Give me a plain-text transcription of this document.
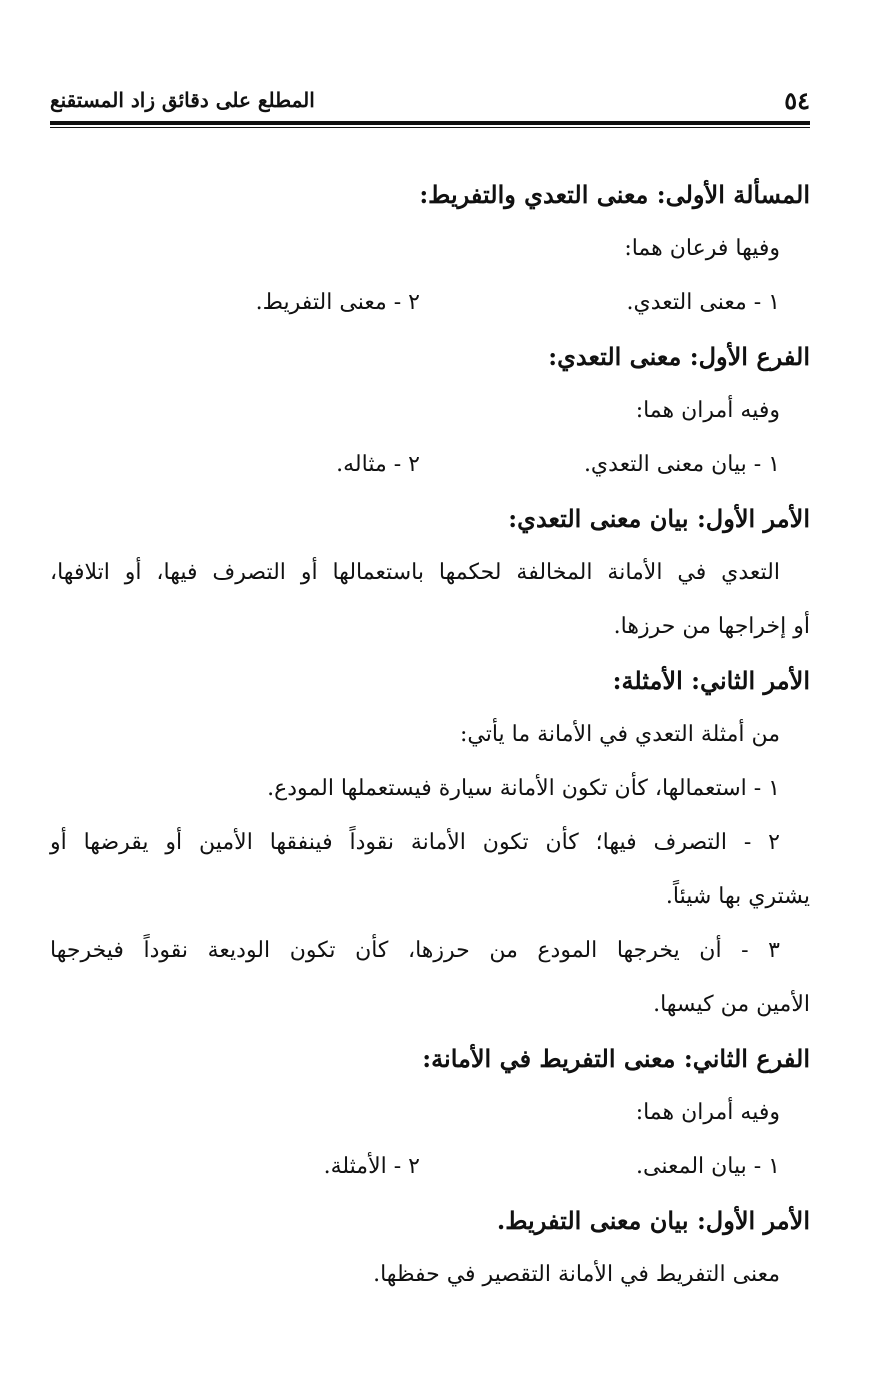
٥٤
المطلع على دقائق زاد المستقنع
المسألة الأولى: معنى التعدي والتفريط:
وفيها فرعان هما:
١ - معنى التعدي.
٢ - معنى التفريط.
الفرع الأول: معنى التعدي:
وفيه أمران هما:
١ - بيان معنى التعدي.
٢ - مثاله.
الأمر الأول: بيان معنى التعدي:
التعدي في الأمانة المخالفة لحكمها باستعمالها أو التصرف فيها، أو اتلافها،
أو إخراجها من حرزها.
الأمر الثاني: الأمثلة:
من أمثلة التعدي في الأمانة ما يأتي:
١ - استعمالها، كأن تكون الأمانة سيارة فيستعملها المودع.
٢ - التصرف فيها؛ كأن تكون الأمانة نقوداً فينفقها الأمين أو يقرضها أو
يشتري بها شيئاً.
٣ - أن يخرجها المودع من حرزها، كأن تكون الوديعة نقوداً فيخرجها
الأمين من كيسها.
الفرع الثاني: معنى التفريط في الأمانة:
وفيه أمران هما:
١ - بيان المعنى.
٢ - الأمثلة.
الأمر الأول: بيان معنى التفريط.
معنى التفريط في الأمانة التقصير في حفظها.
